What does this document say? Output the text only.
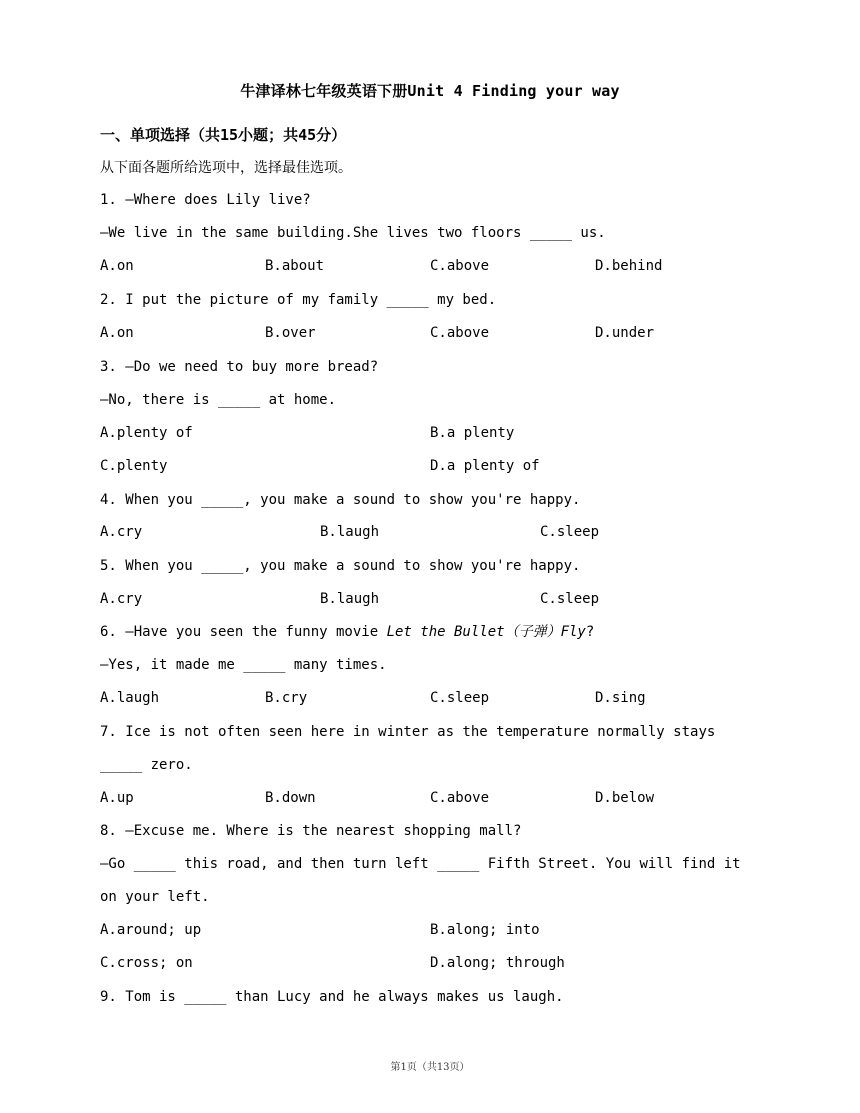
牛津译林七年级英语下册Unit 4 Finding your way
一、单项选择（共15小题；共45分）
从下面各题所给选项中，选择最佳选项。
1. —Where does Lily live?
—We live in the same building.She lives two floors _____ us.
A.on	B.about	C.above	D.behind
2. I put the picture of my family _____ my bed.
A.on	B.over	C.above	D.under
3. —Do we need to buy more bread?
—No, there is _____ at home.
A.plenty of	B.a plenty
C.plenty	D.a plenty of
4. When you _____, you make a sound to show you're happy.
A.cry	B.laugh	C.sleep
5. When you _____, you make a sound to show you're happy.
A.cry	B.laugh	C.sleep
6. —Have you seen the funny movie Let the Bullet（子弹）Fly?
—Yes, it made me _____ many times.
A.laugh	B.cry	C.sleep	D.sing
7. Ice is not often seen here in winter as the temperature normally stays
_____ zero.
A.up	B.down	C.above	D.below
8. —Excuse me. Where is the nearest shopping mall?
—Go _____ this road, and then turn left _____ Fifth Street. You will find it
on your left.
A.around; up	B.along; into
C.cross; on	D.along; through
9. Tom is _____ than Lucy and he always makes us laugh.
第1页（共13页）
